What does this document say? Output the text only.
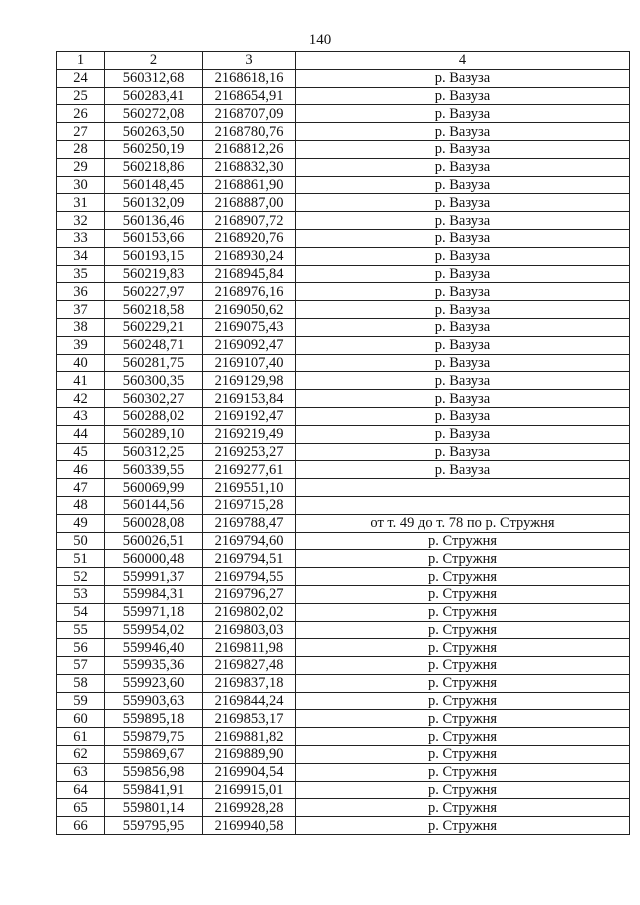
140
1	2	3	4
24	560312,68	2168618,16	р. Вазуза
25	560283,41	2168654,91	р. Вазуза
26	560272,08	2168707,09	р. Вазуза
27	560263,50	2168780,76	р. Вазуза
28	560250,19	2168812,26	р. Вазуза
29	560218,86	2168832,30	р. Вазуза
30	560148,45	2168861,90	р. Вазуза
31	560132,09	2168887,00	р. Вазуза
32	560136,46	2168907,72	р. Вазуза
33	560153,66	2168920,76	р. Вазуза
34	560193,15	2168930,24	р. Вазуза
35	560219,83	2168945,84	р. Вазуза
36	560227,97	2168976,16	р. Вазуза
37	560218,58	2169050,62	р. Вазуза
38	560229,21	2169075,43	р. Вазуза
39	560248,71	2169092,47	р. Вазуза
40	560281,75	2169107,40	р. Вазуза
41	560300,35	2169129,98	р. Вазуза
42	560302,27	2169153,84	р. Вазуза
43	560288,02	2169192,47	р. Вазуза
44	560289,10	2169219,49	р. Вазуза
45	560312,25	2169253,27	р. Вазуза
46	560339,55	2169277,61	р. Вазуза
47	560069,99	2169551,10	
48	560144,56	2169715,28	
49	560028,08	2169788,47	от т. 49 до т. 78 по р. Стружня
50	560026,51	2169794,60	р. Стружня
51	560000,48	2169794,51	р. Стружня
52	559991,37	2169794,55	р. Стружня
53	559984,31	2169796,27	р. Стружня
54	559971,18	2169802,02	р. Стружня
55	559954,02	2169803,03	р. Стружня
56	559946,40	2169811,98	р. Стружня
57	559935,36	2169827,48	р. Стружня
58	559923,60	2169837,18	р. Стружня
59	559903,63	2169844,24	р. Стружня
60	559895,18	2169853,17	р. Стружня
61	559879,75	2169881,82	р. Стружня
62	559869,67	2169889,90	р. Стружня
63	559856,98	2169904,54	р. Стружня
64	559841,91	2169915,01	р. Стружня
65	559801,14	2169928,28	р. Стружня
66	559795,95	2169940,58	р. Стружня
